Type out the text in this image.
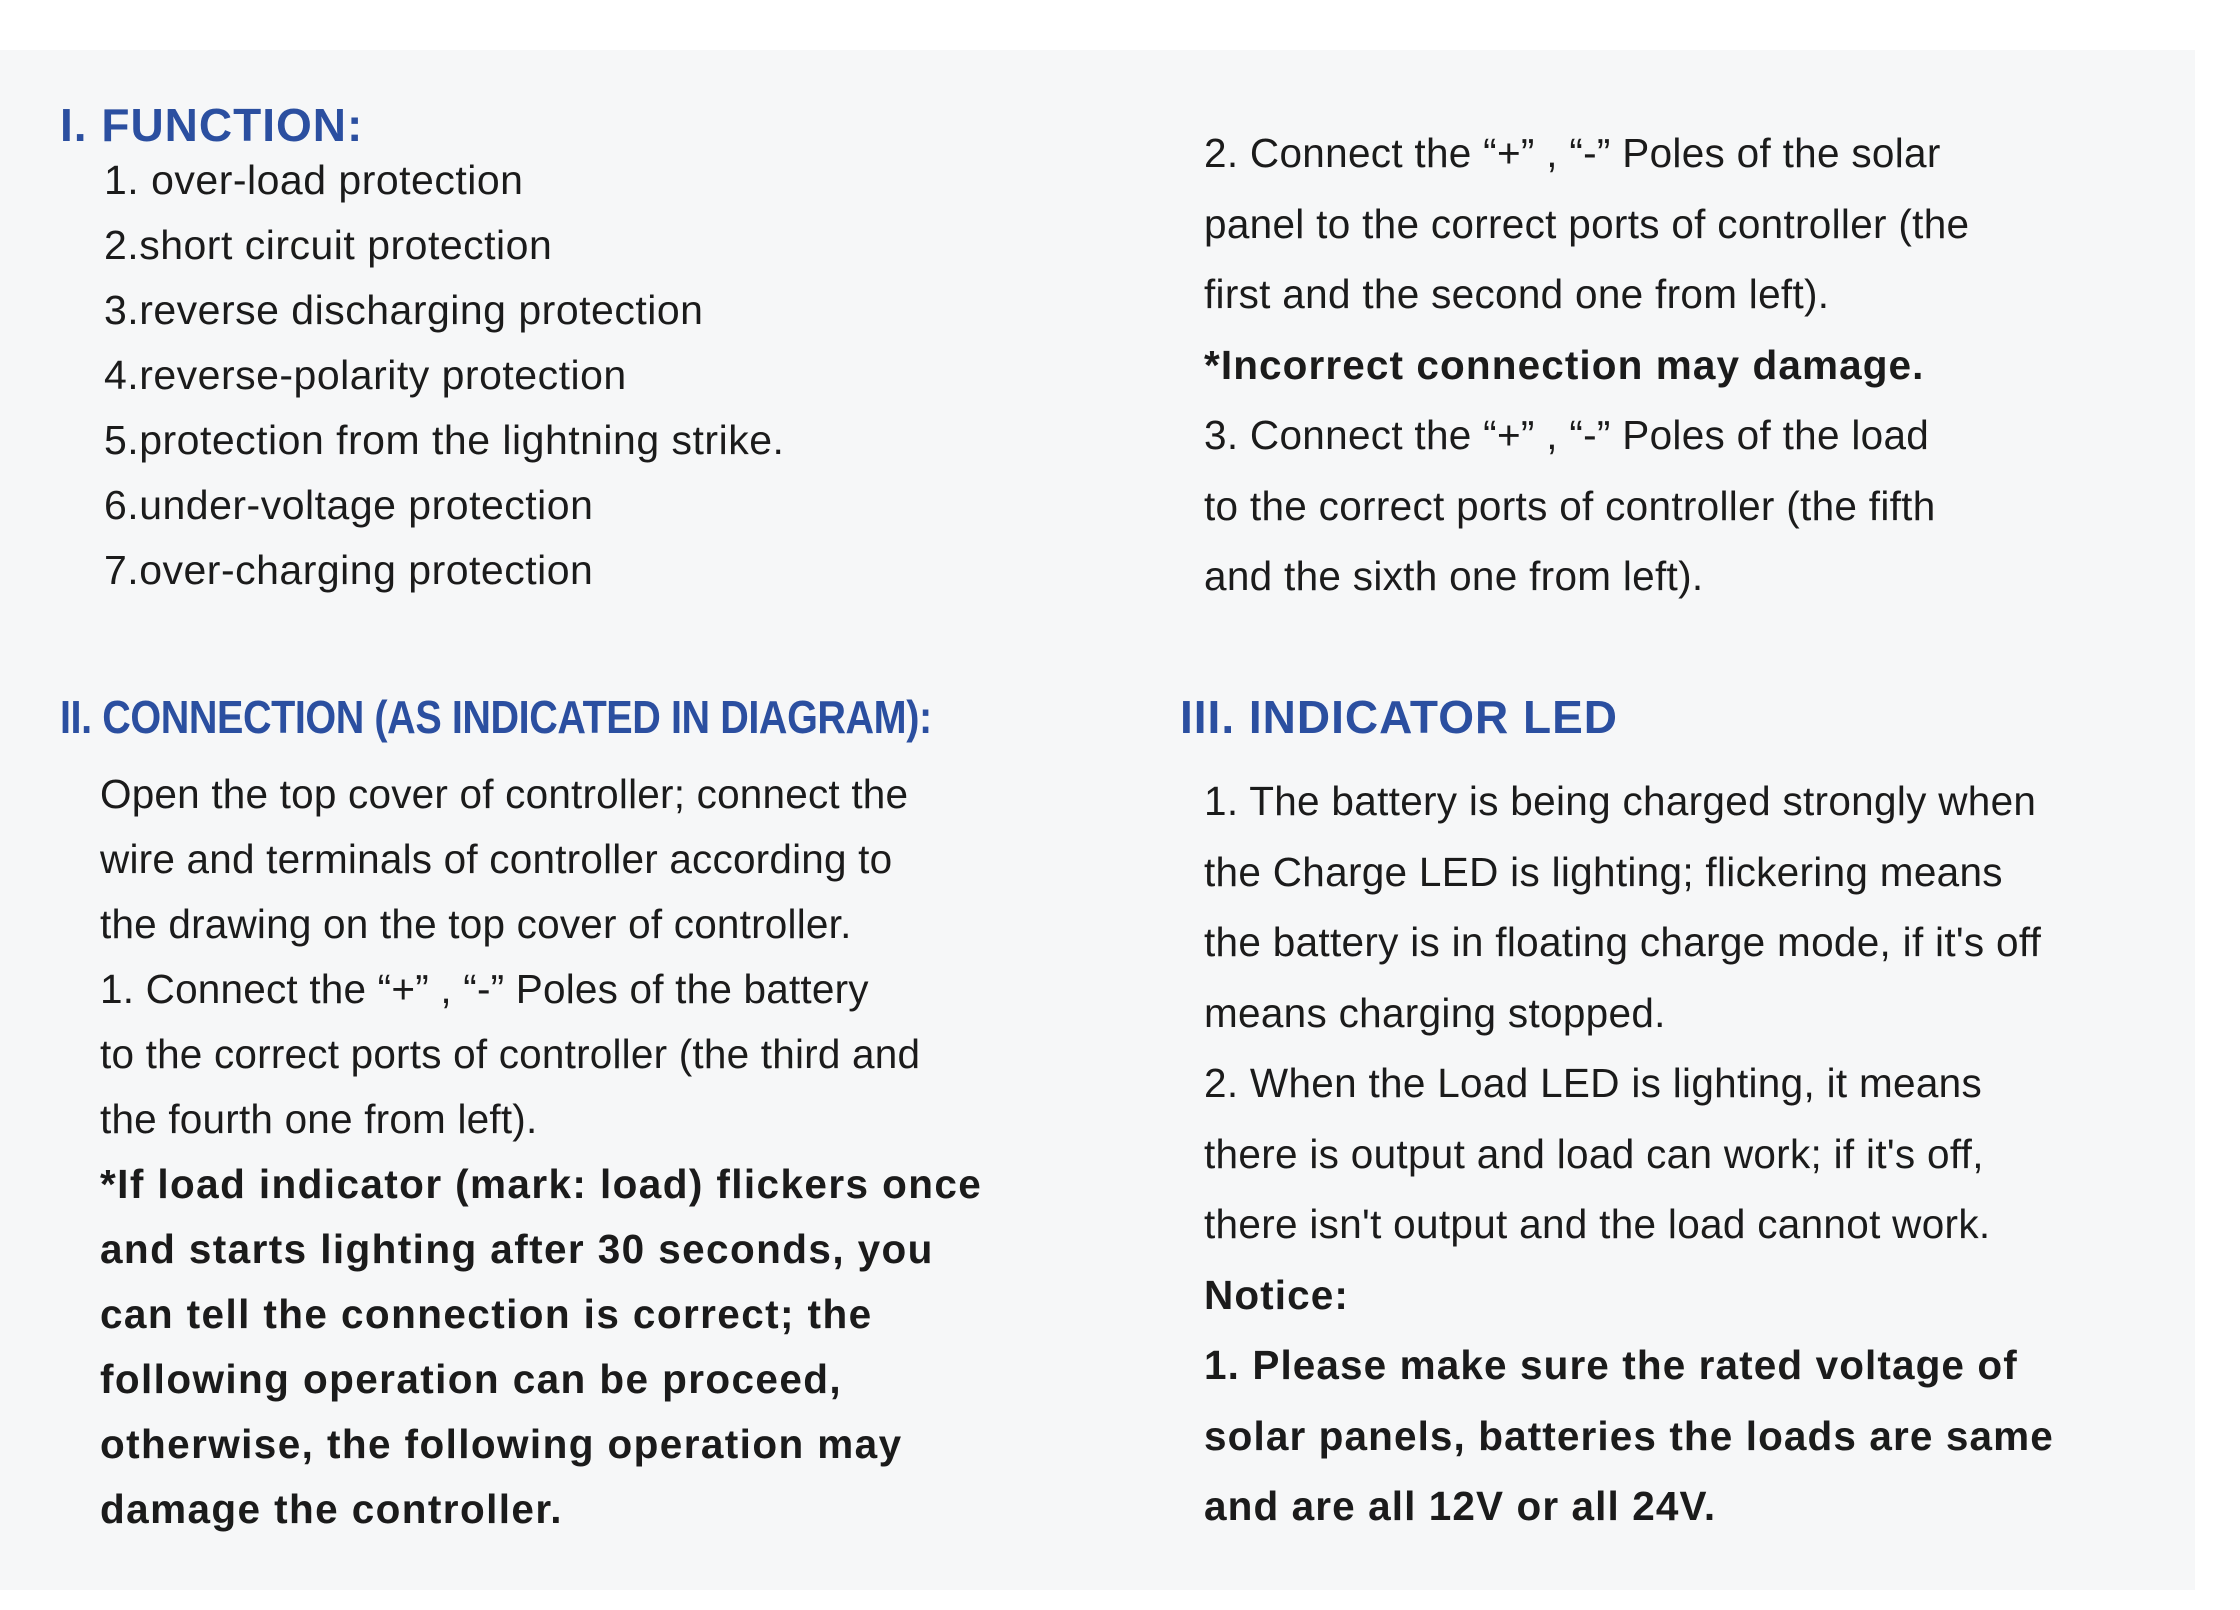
I. FUNCTION:
1. over-load protection
2.short circuit protection
3.reverse discharging protection
4.reverse-polarity protection
5.protection from the lightning strike.
6.under-voltage protection
7.over-charging protection
II. CONNECTION (AS INDICATED IN DIAGRAM):

Open the top cover of controller; connect the

wire and terminals of controller according to

the drawing on the top cover of controller.

1. Connect the “+” , “-” Poles of the battery

to the correct ports of controller (the third and

the fourth one from left).

*If load indicator (mark: load) flickers once

and starts lighting after 30 seconds, you

can tell the connection is correct; the

following operation can be proceed,

otherwise, the following operation may

damage the controller.

2. Connect the “+” , “-” Poles of the solar

panel to the correct ports of controller (the

first and the second one from left).

*Incorrect connection may damage.

3. Connect the “+” , “-” Poles of the load

to the correct ports of controller (the fifth

and the sixth one from left).

III. INDICATOR LED

1. The battery is being charged strongly when

the Charge LED is lighting; flickering means

the battery is in floating charge mode, if it's off

means charging stopped.

2. When the Load LED is lighting, it means

there is output and load can work; if it's off,

there isn't output and the load cannot work.

Notice:

1. Please make sure the rated voltage of

solar panels, batteries the loads are same

and are all 12V or all 24V.
